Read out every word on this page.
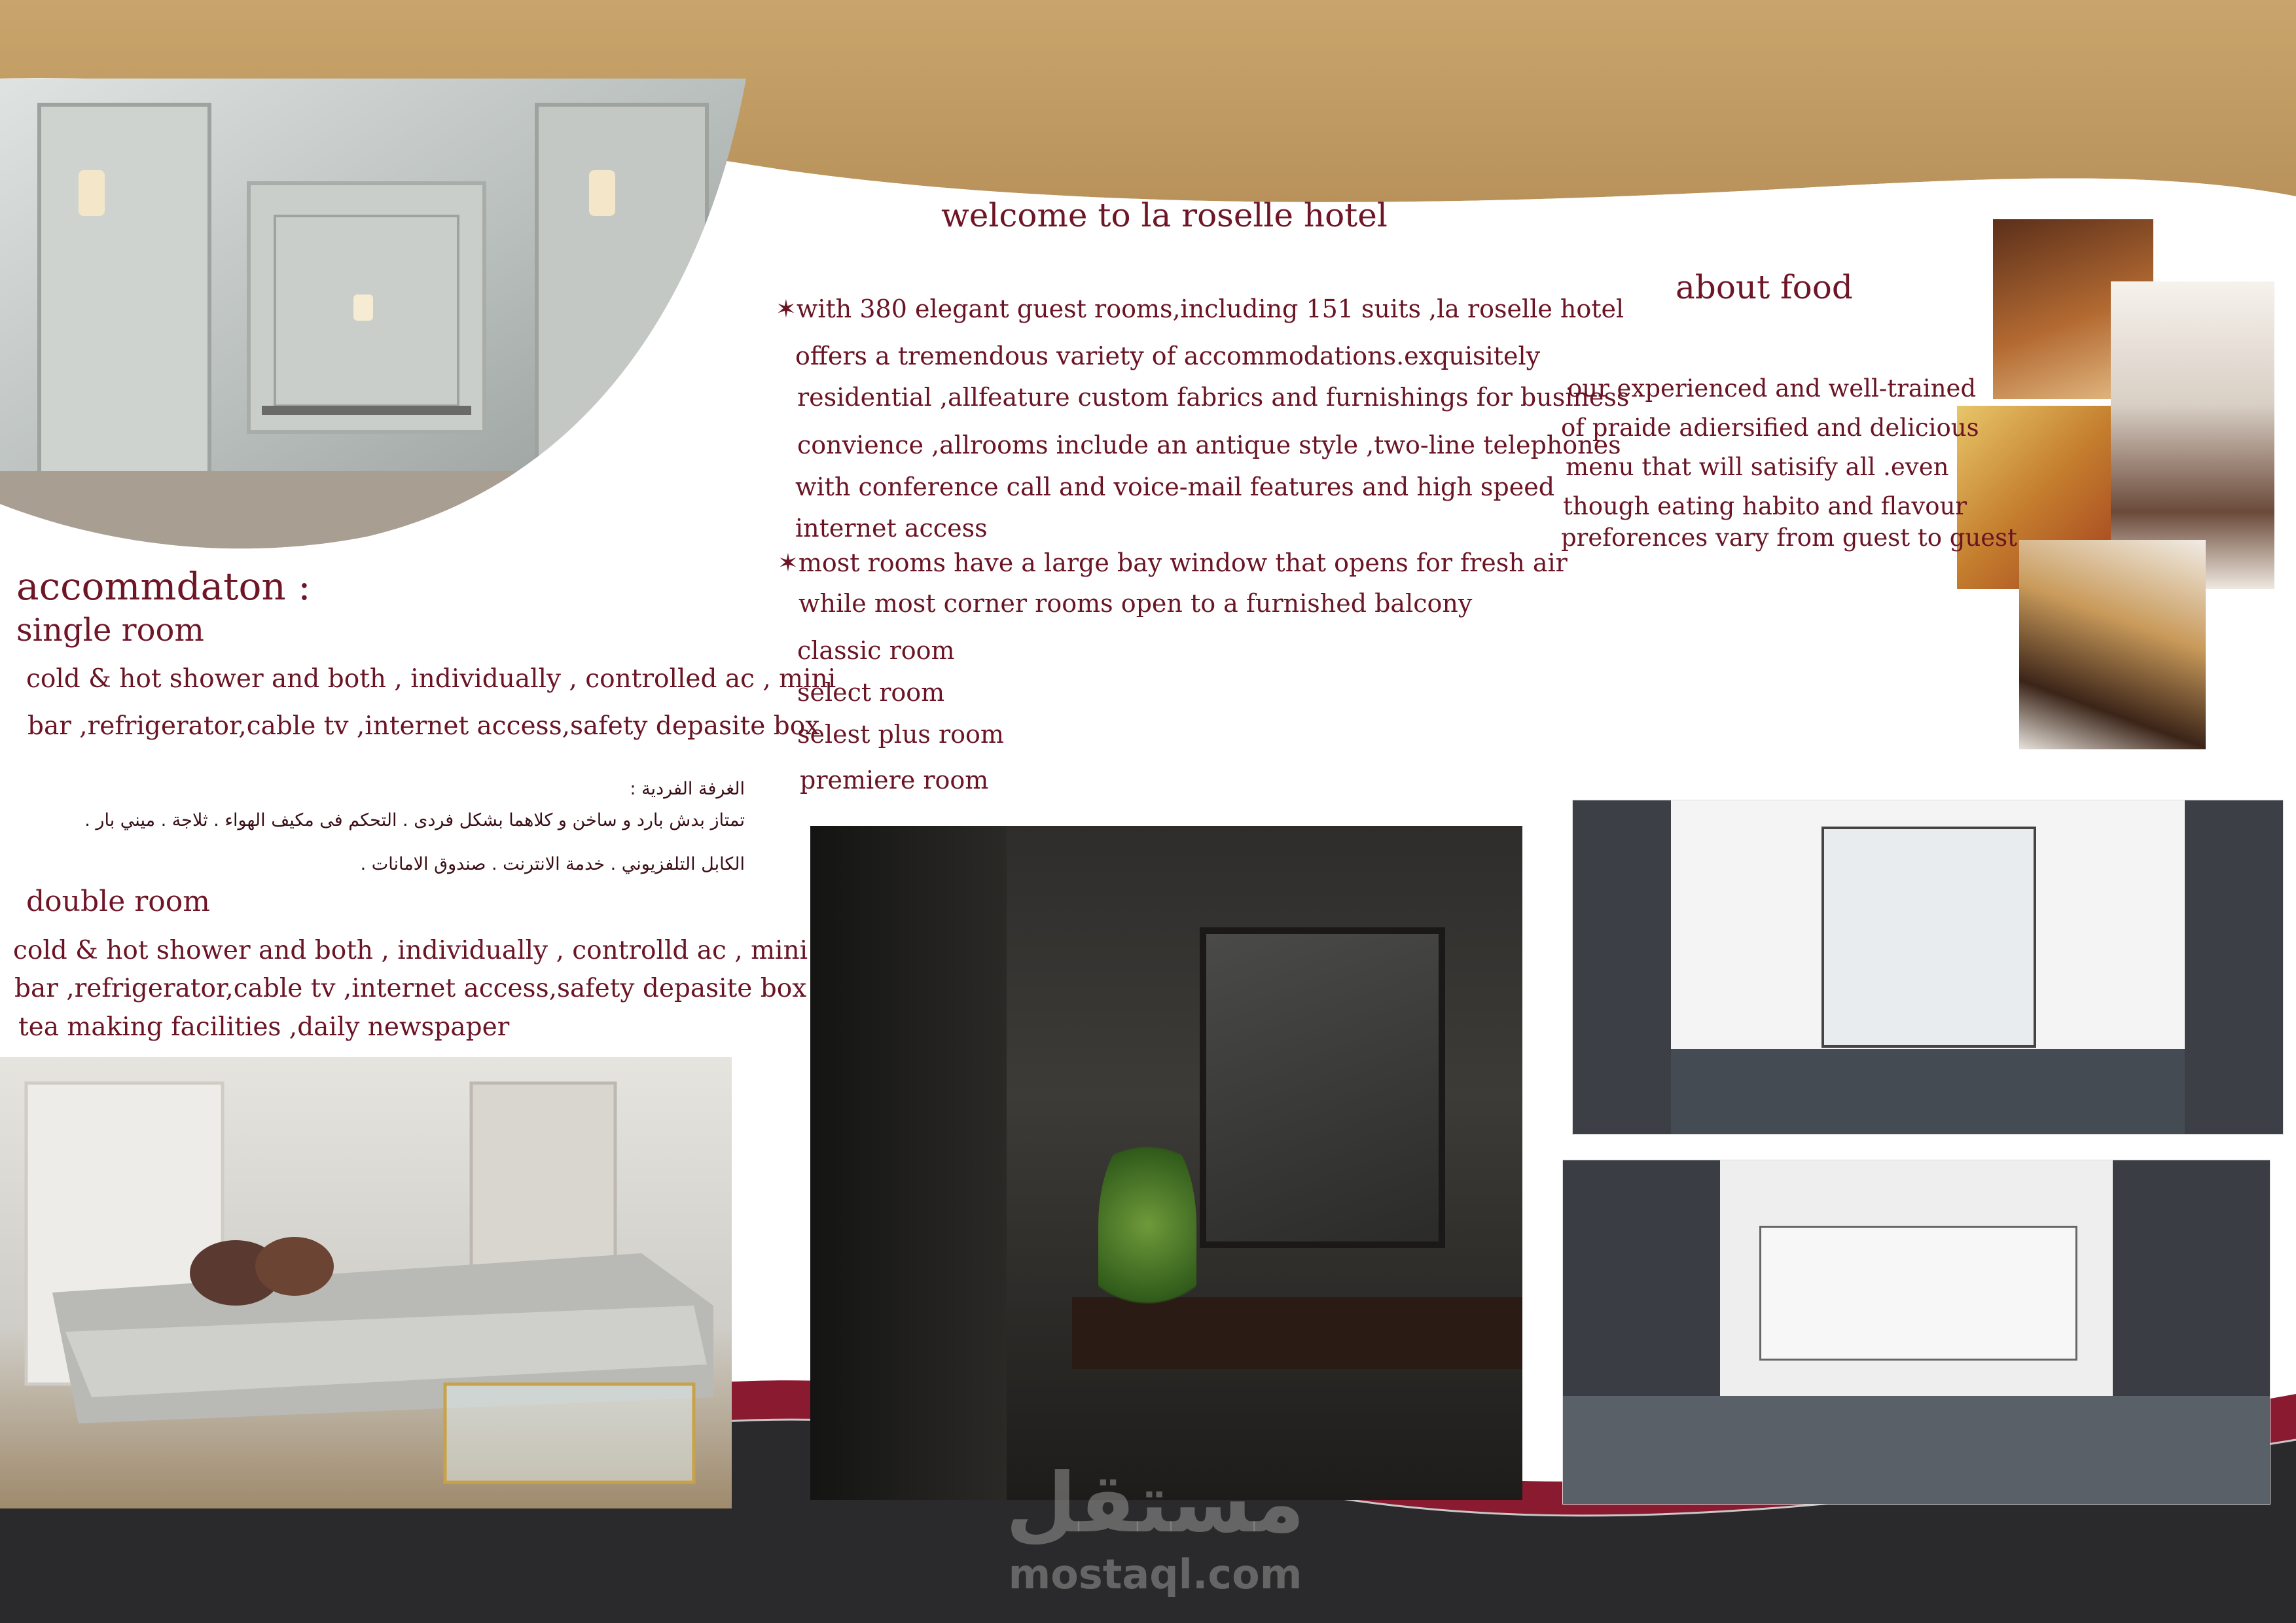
welcome to la roselle hotel
✶with 380 elegant guest rooms,including 151 suits ,la roselle hotel
offers a tremendous variety of accommodations.exquisitely
residential ,allfeature custom fabrics and furnishings for business
convience ,allrooms include an antique style ,two-line telephones
with conference call and voice-mail features and high speed
internet access
✶most rooms have a large bay window that opens for fresh air
while most corner rooms open to a furnished balcony
classic room
select room
selest plus room
premiere room
accommdaton :
single room
cold & hot shower and both , individually , controlled ac , mini
bar ,refrigerator,cable tv ,internet access,safety depasite box
الغرفة الفردية :
تمتاز بدش بارد و ساخن و كلاهما بشكل فردى . التحكم فى مكيف الهواء . ثلاجة . ميني بار .
الكابل التلفزيوني . خدمة الانترنت . صندوق الامانات .
double room
cold & hot shower and both , individually , controlld ac , mini
bar ,refrigerator,cable tv ,internet access,safety depasite box
tea making facilities ,daily newspaper
about food
our experienced and well-trained
of praide adiersified and delicious
menu that will satisify all .even
though eating habito and flavour
preforences vary from guest to guest
مستقل
mostaql.com
